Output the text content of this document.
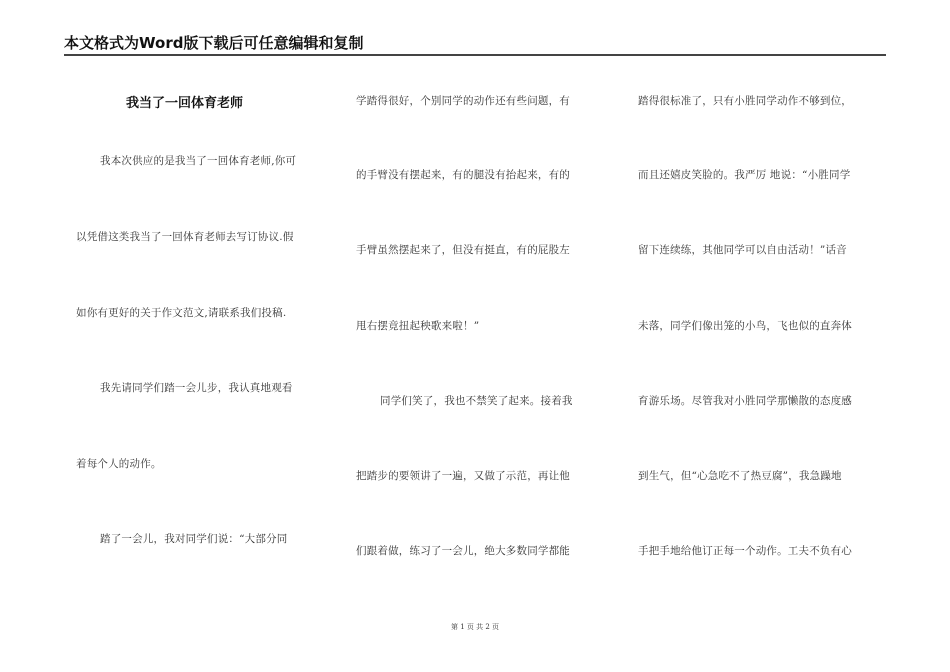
本文格式为Word版下载后可任意编辑和复制
我当了一回体育老师
我本次供应的是我当了一回体育老师,你可
以凭借这类我当了一回体育老师去写订协议.假
如你有更好的关于作文范文,请联系我们投稿.
我先请同学们踏一会儿步，我认真地观看
着每个人的动作。
踏了一会儿，我对同学们说：“大部分同
学踏得很好，个别同学的动作还有些问题，有
的手臂没有摆起来，有的腿没有抬起来，有的
手臂虽然摆起来了，但没有挺直，有的屁股左
甩右摆竟扭起秧歌来啦！”
同学们笑了，我也不禁笑了起来。接着我
把踏步的要领讲了一遍，又做了示范，再让他
们跟着做，练习了一会儿，绝大多数同学都能
踏得很标准了，只有小胜同学动作不够到位，
而且还嬉皮笑脸的。我严厉 地说：“小胜同学
留下连续练，其他同学可以自由活动！”话音
未落，同学们像出笼的小鸟，飞也似的直奔体
育游乐场。尽管我对小胜同学那懒散的态度感
到生气，但“心急吃不了热豆腐”，我急躁地
手把手地给他订正每一个动作。工夫不负有心
第 1 页 共 2 页
